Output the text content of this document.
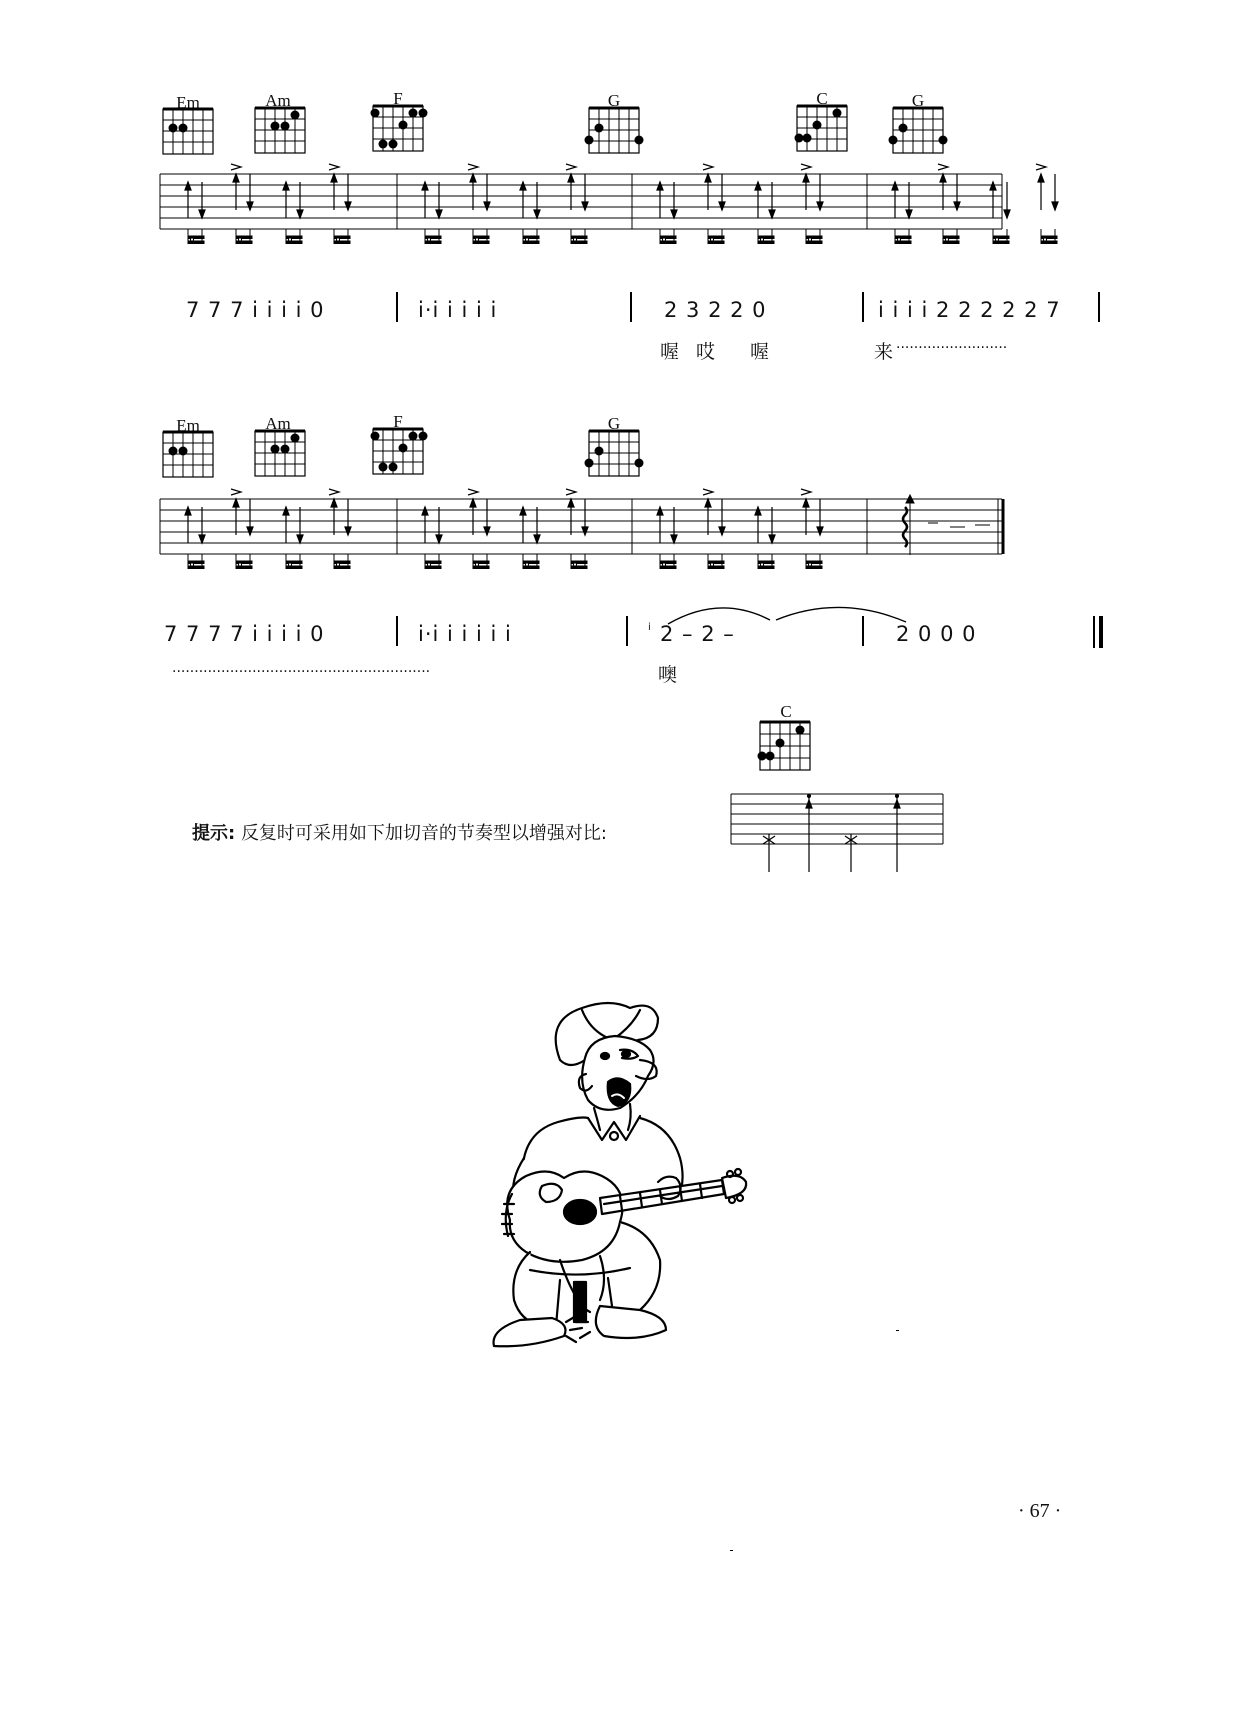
Em	Am	F	G	C	G
7 7 7 i i i i 0	i·i i i i i	2 3 2 2 0	i i i i 2 2 2 2 2 7
喔 哎 喔	来 ·························
Em	Am	F	G
7 7 7 7 i i i i 0	i·i i i i i i	i 2 – 2 –	2 0 0 0
噢
··························································
C
提示: 反复时可采用如下加切音的节奏型以增强对比:
· 67 ·
